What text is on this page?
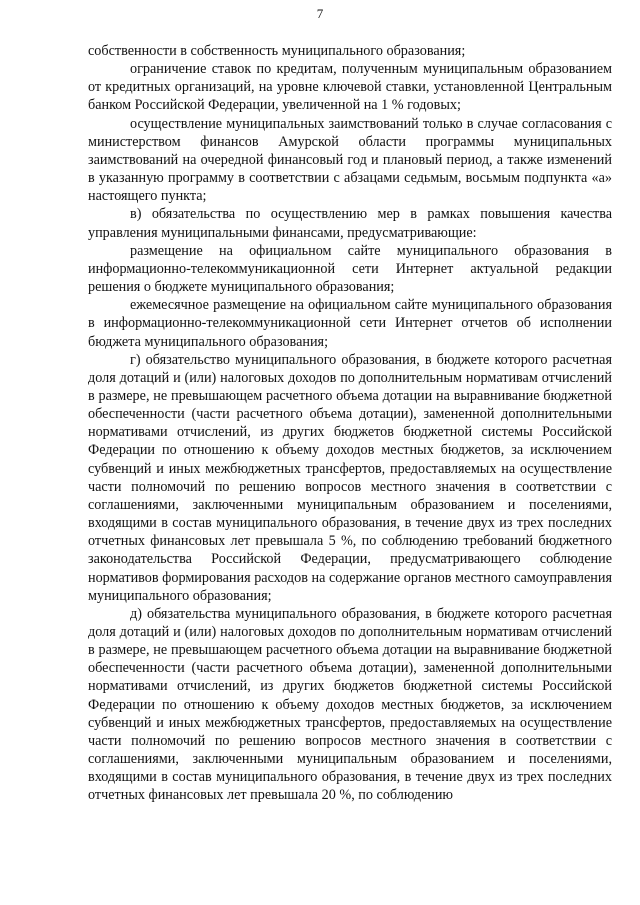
7

собственности в собственность муниципального образования;

ограничение ставок по кредитам, полученным муниципальным образованием от кредитных организаций, на уровне ключевой ставки, установленной Центральным банком Российской Федерации, увеличенной на 1 % годовых;

осуществление муниципальных заимствований только в случае согласования с министерством финансов Амурской области программы муниципальных заимствований на очередной финансовый год и плановый период, а также изменений в указанную программу в соответствии с абзацами седьмым, восьмым подпункта «а» настоящего пункта;

в) обязательства по осуществлению мер в рамках повышения качества управления муниципальными финансами, предусматривающие:

размещение на официальном сайте муниципального образования в информационно-телекоммуникационной сети Интернет актуальной редакции решения о бюджете муниципального образования;

ежемесячное размещение на официальном сайте муниципального образования в информационно-телекоммуникационной сети Интернет отчетов об исполнении бюджета муниципального образования;

г) обязательство муниципального образования, в бюджете которого расчетная доля дотаций и (или) налоговых доходов по дополнительным нормативам отчислений в размере, не превышающем расчетного объема дотации на выравнивание бюджетной обеспеченности (части расчетного объема дотации), замененной дополнительными нормативами отчислений, из других бюджетов бюджетной системы Российской Федерации по отношению к объему доходов местных бюджетов, за исключением субвенций и иных межбюджетных трансфертов, предоставляемых на осуществление части полномочий по решению вопросов местного значения в соответствии с соглашениями, заключенными муниципальным образованием и поселениями, входящими в состав муниципального образования, в течение двух из трех последних отчетных финансовых лет превышала 5 %, по соблюдению требований бюджетного законодательства Российской Федерации, предусматривающего соблюдение нормативов формирования расходов на содержание органов местного самоуправления муниципального образования;

д) обязательства муниципального образования, в бюджете которого расчетная доля дотаций и (или) налоговых доходов по дополнительным нормативам отчислений в размере, не превышающем расчетного объема дотации на выравнивание бюджетной обеспеченности (части расчетного объема дотации), замененной дополнительными нормативами отчислений, из других бюджетов бюджетной системы Российской Федерации по отношению к объему доходов местных бюджетов, за исключением субвенций и иных межбюджетных трансфертов, предоставляемых на осуществление части полномочий по решению вопросов местного значения в соответствии с соглашениями, заключенными муниципальным образованием и поселениями, входящими в состав муниципального образования, в течение двух из трех последних отчетных финансовых лет превышала 20 %, по соблюдению
